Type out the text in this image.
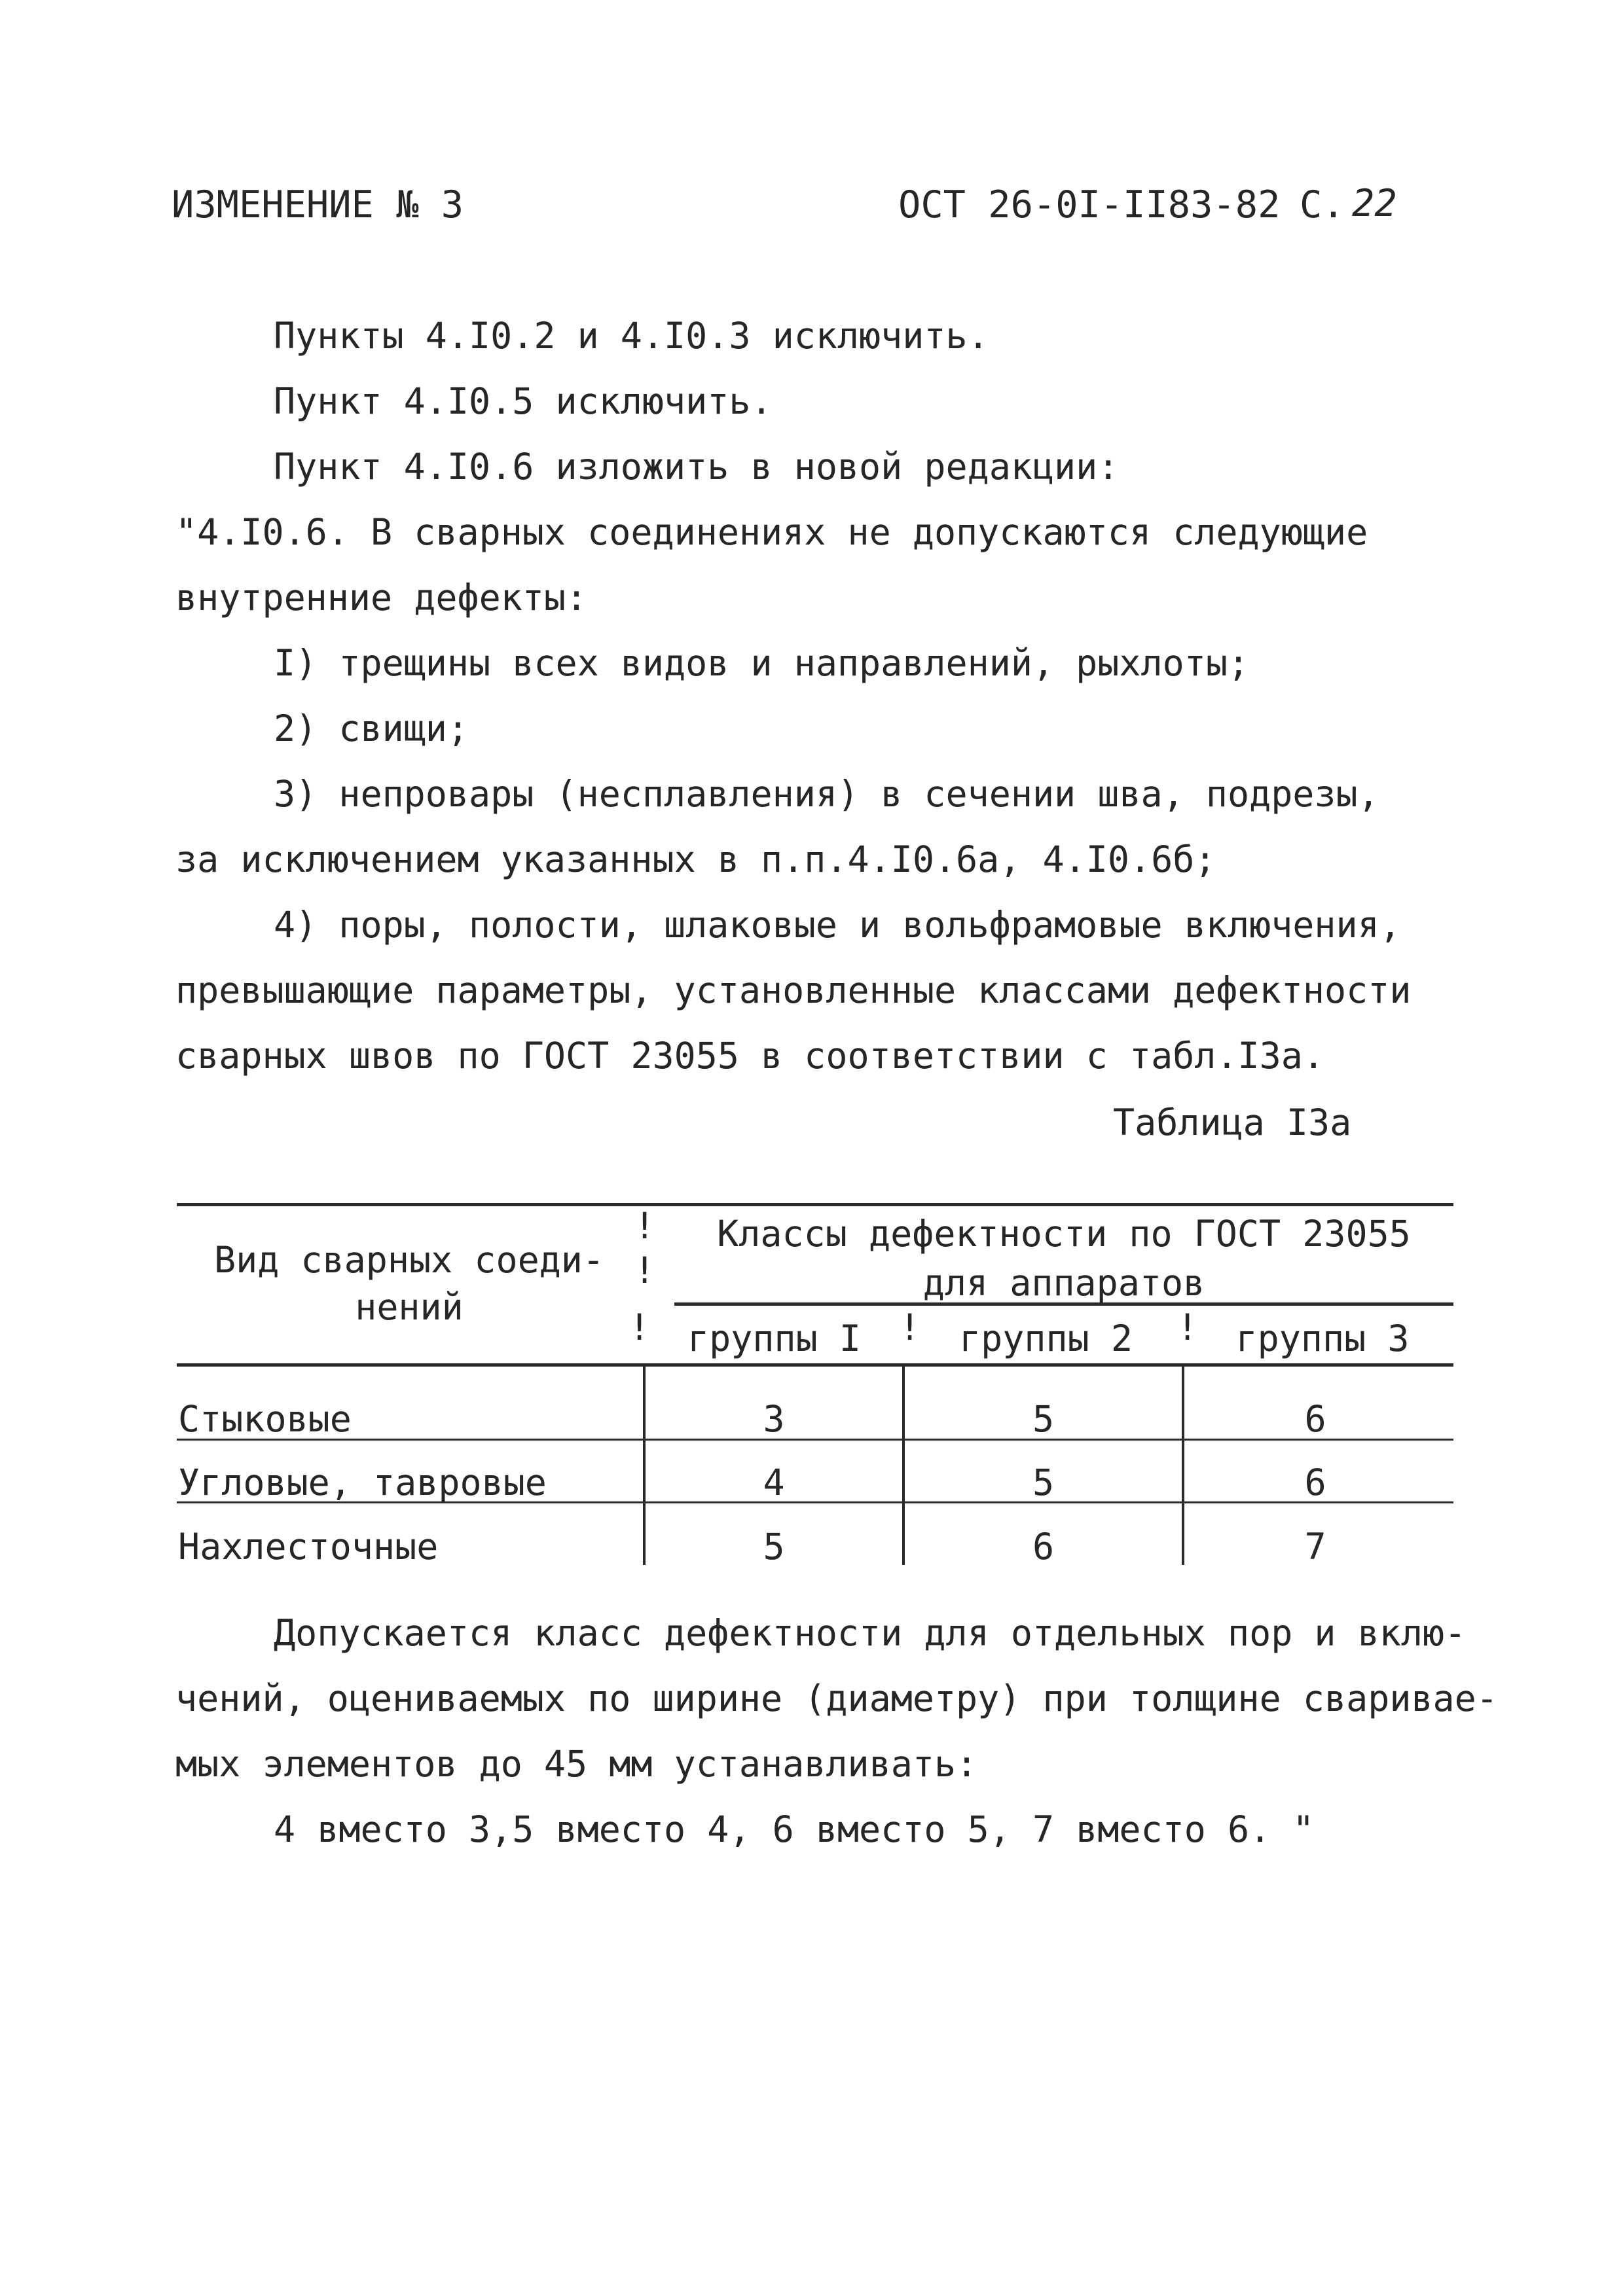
ИЗМЕНЕНИЕ № 3	ОСТ 26-0I-II83-82 С. 22
Пункты 4.I0.2 и 4.I0.3 исключить.
Пункт 4.I0.5 исключить.
Пункт 4.I0.6 изложить в новой редакции:
"4.I0.6. В сварных соединениях не допускаются следующие
внутренние дефекты:
I) трещины всех видов и направлений, рыхлоты;
2) свищи;
3) непровары (несплавления) в сечении шва, подрезы,
за исключением указанных в п.п.4.I0.6а, 4.I0.6б;
4) поры, полости, шлаковые и вольфрамовые включения,
превышающие параметры, установленные классами дефектности
сварных швов по ГОСТ 23055 в соответствии с табл.I3а.
Таблица I3а
!
!
!	!	!
Вид сварных соеди-
нений
Классы дефектности по ГОСТ 23055
для аппаратов
группы I	группы 2	группы 3
Стыковые	3	5	6
Угловые, тавровые	4	5	6
Нахлесточные	5	6	7
Допускается класс дефектности для отдельных пор и вклю-
чений, оцениваемых по ширине (диаметру) при толщине сваривае-
мых элементов до 45 мм устанавливать:
4 вместо 3,5 вместо 4, 6 вместо 5, 7 вместо 6. "
